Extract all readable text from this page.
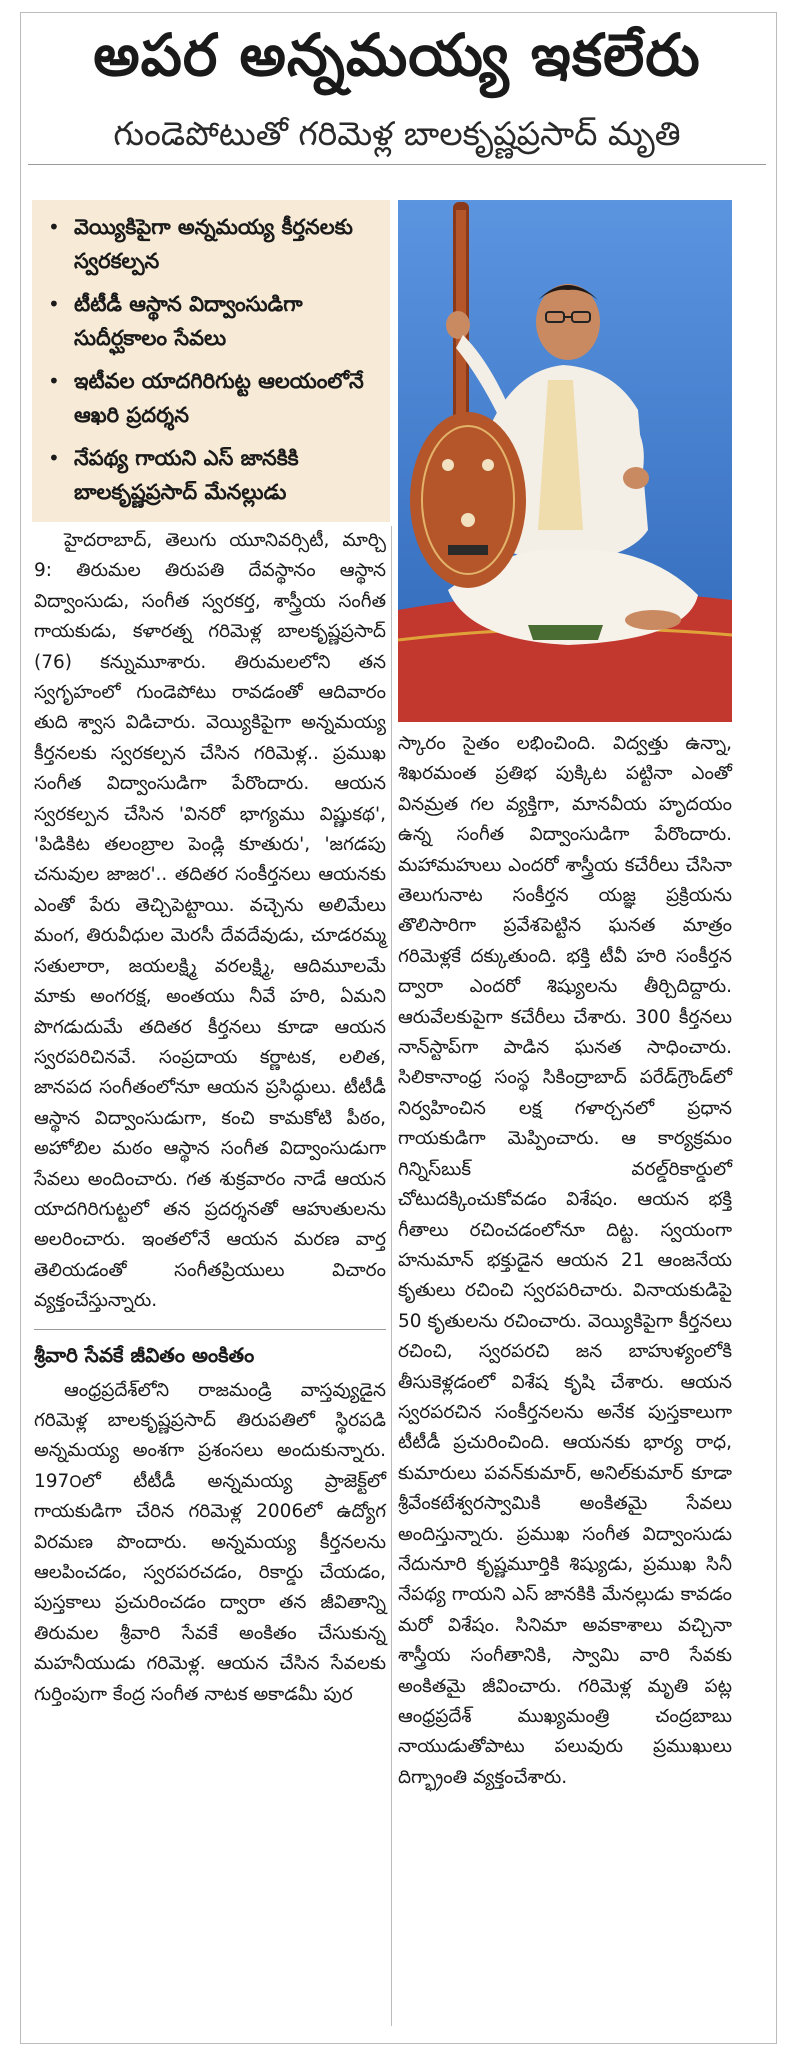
అపర అన్నమయ్య ఇకలేరు
గుండెపోటుతో గరిమెళ్ల బాలకృష్ణప్రసాద్ మృతి
• వెయ్యికిపైగా అన్నమయ్య కీర్తనలకు స్వరకల్పన
• టీటీడీ ఆస్థాన విద్వాంసుడిగా సుదీర్ఘకాలం సేవలు
• ఇటీవల యాదగిరిగుట్ట ఆలయంలోనే ఆఖరి ప్రదర్శన
• నేపథ్య గాయని ఎస్ జానకికి బాలకృష్ణప్రసాద్ మేనల్లుడు

హైదరాబాద్, తెలుగు యూనివర్సిటీ, మార్చి 9: తిరుమల తిరుపతి దేవస్థానం ఆస్థాన విద్వాంసుడు, సంగీత స్వరకర్త, శాస్త్రీయ సంగీత గాయకుడు, కళారత్న గరిమెళ్ల బాలకృష్ణప్రసాద్ (76) కన్నుమూశారు. తిరుమలలోని తన స్వగృహంలో గుండెపోటు రావడంతో ఆదివారం తుది శ్వాస విడిచారు. వెయ్యికిపైగా అన్నమయ్య కీర్తనలకు స్వరకల్పన చేసిన గరిమెళ్ల.. ప్రముఖ సంగీత విద్వాంసుడిగా పేరొందారు. ఆయన స్వరకల్పన చేసిన 'వినరో భాగ్యము విష్ణుకథ', 'పిడికిట తలంబ్రాల పెండ్లి కూతురు', 'జగడపు చనువుల జాజర'.. తదితర సంకీర్తనలు ఆయనకు ఎంతో పేరు తెచ్చిపెట్టాయి. వచ్చెను అలిమేలు మంగ, తిరువీధుల మెరసీ దేవదేవుడు, చూడరమ్మ సతులారా, జయలక్ష్మి వరలక్ష్మి, ఆదిమూలమే మాకు అంగరక్ష, అంతయు నీవే హరి, ఏమని పొగడుదుమే తదితర కీర్తనలు కూడా ఆయన స్వరపరిచినవే. సంప్రదాయ కర్ణాటక, లలిత, జానపద సంగీతంలోనూ ఆయన ప్రసిద్ధులు. టీటీడీ ఆస్థాన విద్వాంసుడుగా, కంచి కామకోటి పీఠం, అహోబిల మఠం ఆస్థాన సంగీత విద్వాంసుడుగా సేవలు అందించారు. గత శుక్రవారం నాడే ఆయన యాదగిరిగుట్టలో తన ప్రదర్శనతో ఆహుతులను అలరించారు. ఇంతలోనే ఆయన మరణ వార్త తెలియడంతో సంగీతప్రియులు విచారం వ్యక్తంచేస్తున్నారు.

శ్రీవారి సేవకే జీవితం అంకితం

ఆంధ్రప్రదేశ్‌లోని రాజమండ్రి వాస్తవ్యుడైన గరిమెళ్ల బాలకృష్ణప్రసాద్ తిరుపతిలో స్థిరపడి అన్నమయ్య అంశగా ప్రశంసలు అందుకున్నారు. 197౦లో టీటీడీ అన్నమయ్య ప్రాజెక్ట్‌లో గాయకుడిగా చేరిన గరిమెళ్ల 2006లో ఉద్యోగ విరమణ పొందారు. అన్నమయ్య కీర్తనలను ఆలపించడం, స్వరపరచడం, రికార్డు చేయడం, పుస్తకాలు ప్రచురించడం ద్వారా తన జీవితాన్ని తిరుమల శ్రీవారి సేవకే అంకితం చేసుకున్న మహనీయుడు గరిమెళ్ల. ఆయన చేసిన సేవలకు గుర్తింపుగా కేంద్ర సంగీత నాటక అకాడమీ పుర

స్కారం సైతం లభించింది. విద్వత్తు ఉన్నా, శిఖరమంత ప్రతిభ పుక్కిట పట్టినా ఎంతో వినమ్రత గల వ్యక్తిగా, మానవీయ హృదయం ఉన్న సంగీత విద్వాంసుడిగా పేరొందారు. మహామహులు ఎందరో శాస్త్రీయ కచేరీలు చేసినా తెలుగునాట సంకీర్తన యజ్ఞ ప్రక్రియను తొలిసారిగా ప్రవేశపెట్టిన ఘనత మాత్రం గరిమెళ్లకే దక్కుతుంది. భక్తి టీవీ హరి సంకీర్తన ద్వారా ఎందరో శిష్యులను తీర్చిదిద్దారు. ఆరువేలకుపైగా కచేరీలు చేశారు. 300 కీర్తనలు నాన్‌స్టాప్‌గా పాడిన ఘనత సాధించారు. సిలికానాంధ్ర సంస్థ సికింద్రాబాద్ పరేడ్‌గ్రౌండ్‌లో నిర్వహించిన లక్ష గళార్చనలో ప్రధాన గాయకుడిగా మెప్పించారు. ఆ కార్యక్రమం గిన్నిస్‌బుక్ వరల్డ్‌రికార్డులో చోటుదక్కించుకోవడం విశేషం. ఆయన భక్తి గీతాలు రచించడంలోనూ దిట్ట. స్వయంగా హనుమాన్ భక్తుడైన ఆయన 21 ఆంజనేయ కృతులు రచించి స్వరపరిచారు. వినాయకుడిపై 50 కృతులను రచించారు. వెయ్యికిపైగా కీర్తనలు రచించి, స్వరపరచి జన బాహుళ్యంలోకి తీసుకెళ్లడంలో విశేష కృషి చేశారు. ఆయన స్వరపరచిన సంకీర్తనలను అనేక పుస్తకాలుగా టీటీడీ ప్రచురించింది. ఆయనకు భార్య రాధ, కుమారులు పవన్‌కుమార్, అనిల్‌కుమార్ కూడా శ్రీవేంకటేశ్వరస్వామికి అంకితమై సేవలు అందిస్తున్నారు. ప్రముఖ సంగీత విద్వాంసుడు నేదునూరి కృష్ణమూర్తికి శిష్యుడు, ప్రముఖ సినీ నేపథ్య గాయని ఎస్ జానకికి మేనల్లుడు కావడం మరో విశేషం. సినిమా అవకాశాలు వచ్చినా శాస్త్రీయ సంగీతానికి, స్వామి వారి సేవకు అంకితమై జీవించారు. గరిమెళ్ల మృతి పట్ల ఆంధ్రప్రదేశ్ ముఖ్యమంత్రి చంద్రబాబు నాయుడుతోపాటు పలువురు ప్రముఖులు దిగ్భ్రాంతి వ్యక్తంచేశారు.
